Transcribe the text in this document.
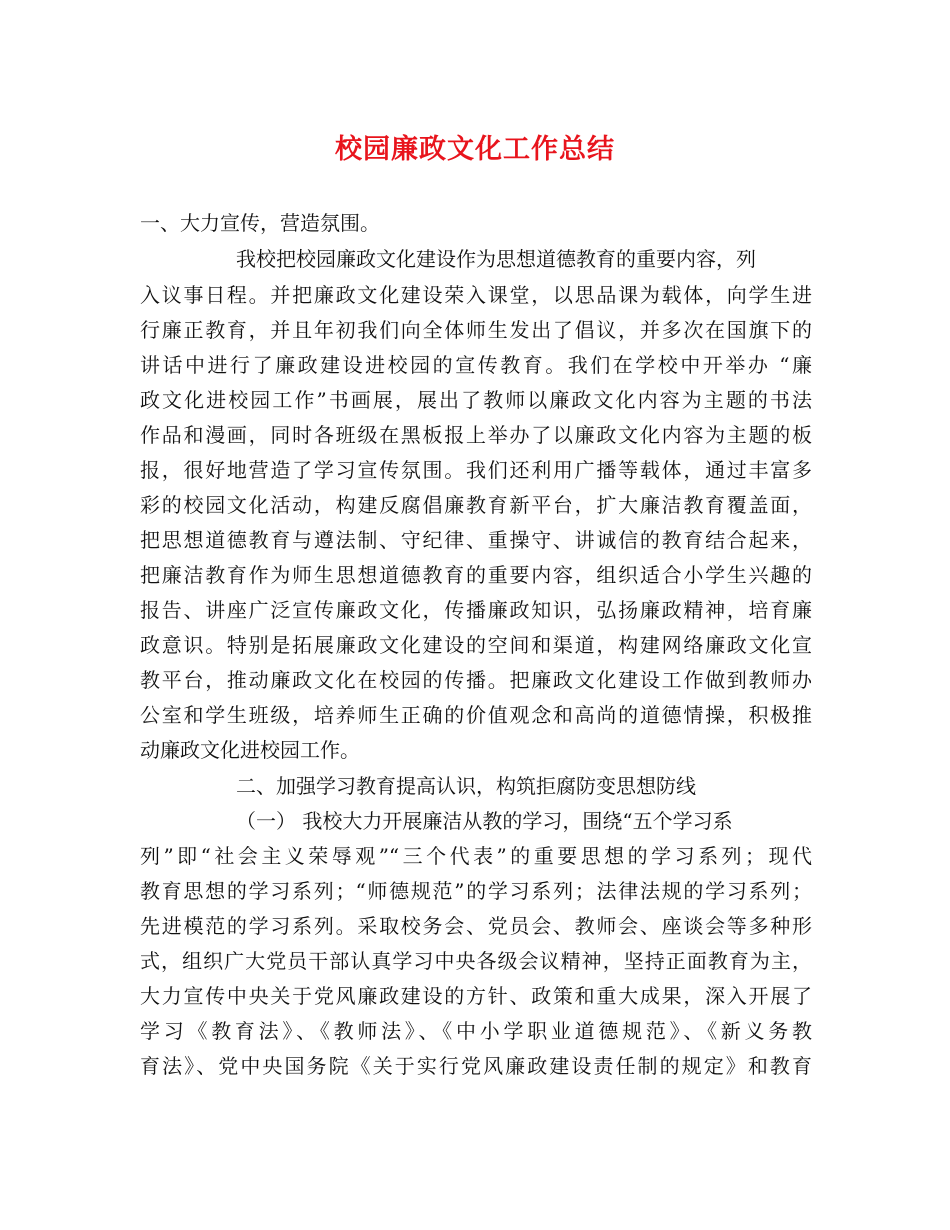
校园廉政文化工作总结
一、大力宣传，营造氛围。
我校把校园廉政文化建设作为思想道德教育的重要内容，列
入议事日程。并把廉政文化建设荣入课堂，以思品课为载体，向学生进
行廉正教育，并且年初我们向全体师生发出了倡议，并多次在国旗下的
讲话中进行了廉政建设进校园的宣传教育。我们在学校中开举办 “廉
政文化进校园工作”书画展，展出了教师以廉政文化内容为主题的书法
作品和漫画，同时各班级在黑板报上举办了以廉政文化内容为主题的板
报，很好地营造了学习宣传氛围。我们还利用广播等载体，通过丰富多
彩的校园文化活动，构建反腐倡廉教育新平台，扩大廉洁教育覆盖面，
把思想道德教育与遵法制、守纪律、重操守、讲诚信的教育结合起来，
把廉洁教育作为师生思想道德教育的重要内容，组织适合小学生兴趣的
报告、讲座广泛宣传廉政文化，传播廉政知识，弘扬廉政精神，培育廉
政意识。特别是拓展廉政文化建设的空间和渠道，构建网络廉政文化宣
教平台，推动廉政文化在校园的传播。把廉政文化建设工作做到教师办
公室和学生班级，培养师生正确的价值观念和高尚的道德情操，积极推
动廉政文化进校园工作。
二、加强学习教育提高认识，构筑拒腐防变思想防线
（一） 我校大力开展廉洁从教的学习，围绕“五个学习系
列”即“社会主义荣辱观”“三个代表”的重要思想的学习系列；现代
教育思想的学习系列；“师德规范”的学习系列；法律法规的学习系列；
先进模范的学习系列。采取校务会、党员会、教师会、座谈会等多种形
式，组织广大党员干部认真学习中央各级会议精神，坚持正面教育为主，
大力宣传中央关于党风廉政建设的方针、政策和重大成果，深入开展了
学习《教育法》、《教师法》、《中小学职业道德规范》、《新义务教
育法》、党中央国务院《关于实行党风廉政建设责任制的规定》和教育
